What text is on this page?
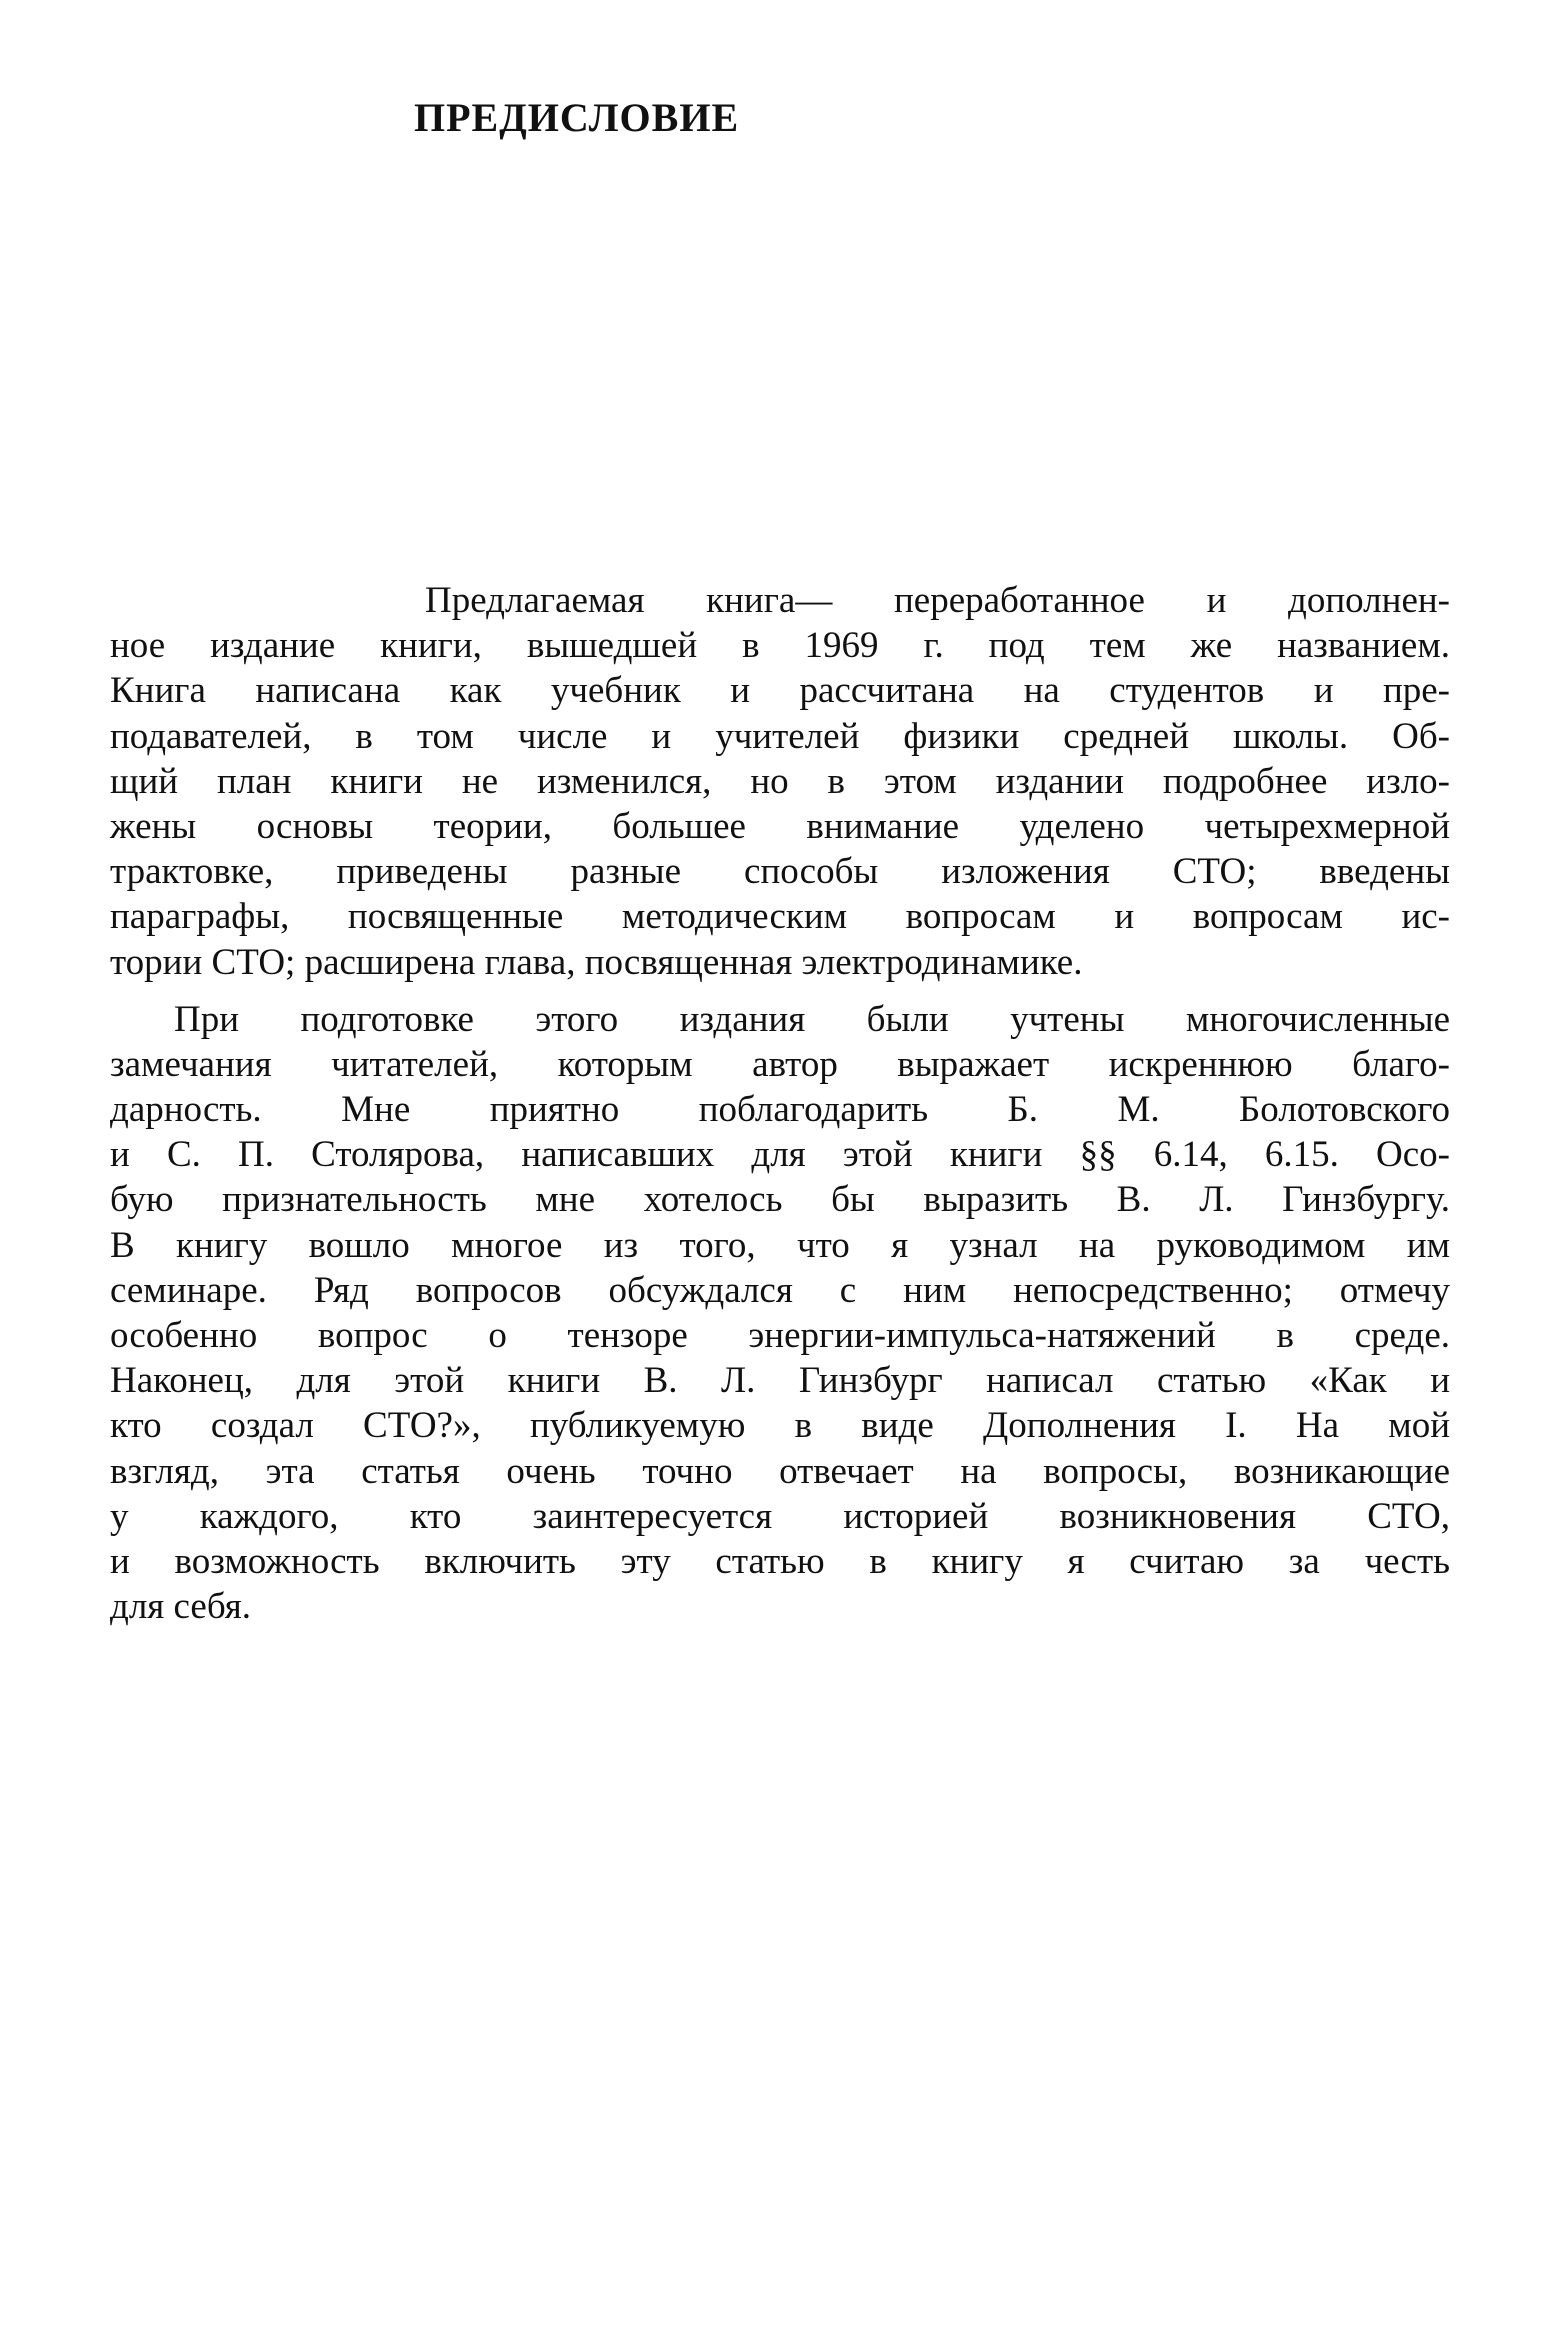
ПРЕДИСЛОВИЕ
Предлагаемая книга— переработанное и дополнен-
ное издание книги, вышедшей в 1969 г. под тем же названием.
Книга написана как учебник и рассчитана на студентов и пре-
подавателей, в том числе и учителей физики средней школы. Об-
щий план книги не изменился, но в этом издании подробнее изло-
жены основы теории, большее внимание уделено четырехмерной
трактовке, приведены разные способы изложения СТО; введены
параграфы, посвященные методическим вопросам и вопросам ис-
тории СТО; расширена глава, посвященная электродинамике.
При подготовке этого издания были учтены многочисленные
замечания читателей, которым автор выражает искреннюю благо-
дарность. Мне приятно поблагодарить Б. М. Болотовского
и С. П. Столярова, написавших для этой книги §§ 6.14, 6.15. Осо-
бую признательность мне хотелось бы выразить В. Л. Гинзбургу.
В книгу вошло многое из того, что я узнал на руководимом им
семинаре. Ряд вопросов обсуждался с ним непосредственно; отмечу
особенно вопрос о тензоре энергии-импульса-натяжений в среде.
Наконец, для этой книги В. Л. Гинзбург написал статью «Как и
кто создал СТО?», публикуемую в виде Дополнения I. На мой
взгляд, эта статья очень точно отвечает на вопросы, возникающие
у каждого, кто заинтересуется историей возникновения СТО,
и возможность включить эту статью в книгу я считаю за честь
для себя.
